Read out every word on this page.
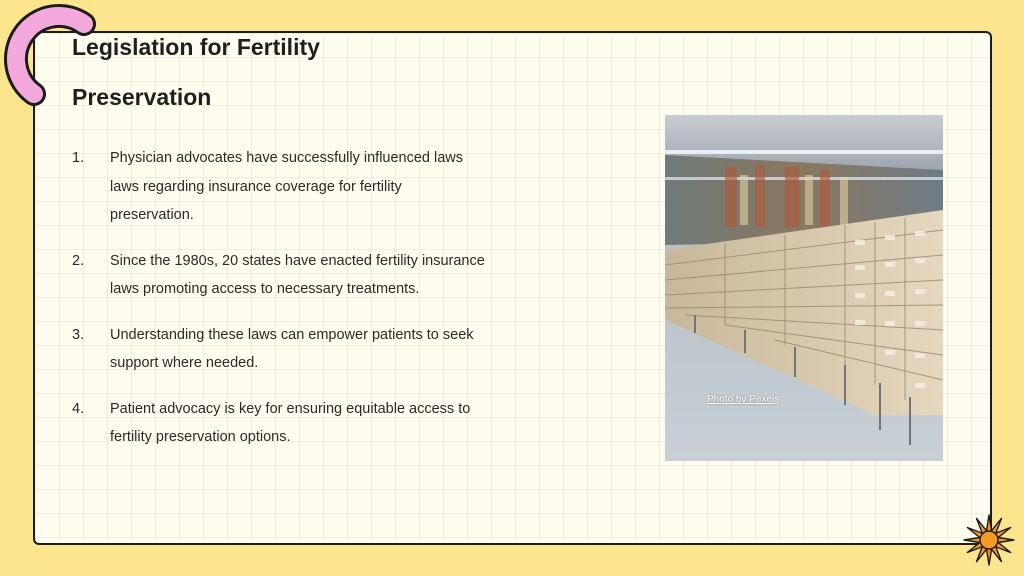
Legislation for Fertility
Preservation
1.	Physician advocates have successfully influenced laws
laws regarding insurance coverage for fertility
preservation.
2.	Since the 1980s, 20 states have enacted fertility insurance
laws promoting access to necessary treatments.
3.	Understanding these laws can empower patients to seek
support where needed.
4.	Patient advocacy is key for ensuring equitable access to
fertility preservation options.
Photo by Pexels
